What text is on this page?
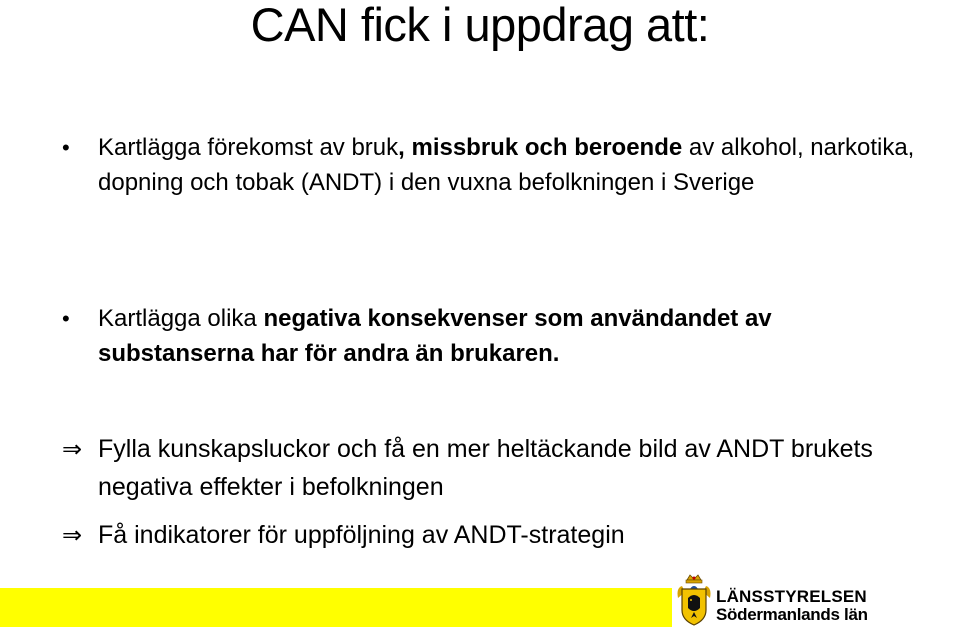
CAN fick i uppdrag att:
•	Kartlägga förekomst av bruk, missbruk och beroende av alkohol, narkotika, dopning och tobak (ANDT) i den vuxna befolkningen i Sverige
•	Kartlägga olika negativa konsekvenser som användandet av substanserna har för andra än brukaren.
⇒ Fylla kunskapsluckor och få en mer heltäckande bild av ANDT brukets negativa effekter i befolkningen
⇒ Få indikatorer för uppföljning av ANDT-strategin
LÄNSSTYRELSEN
Södermanlands län
